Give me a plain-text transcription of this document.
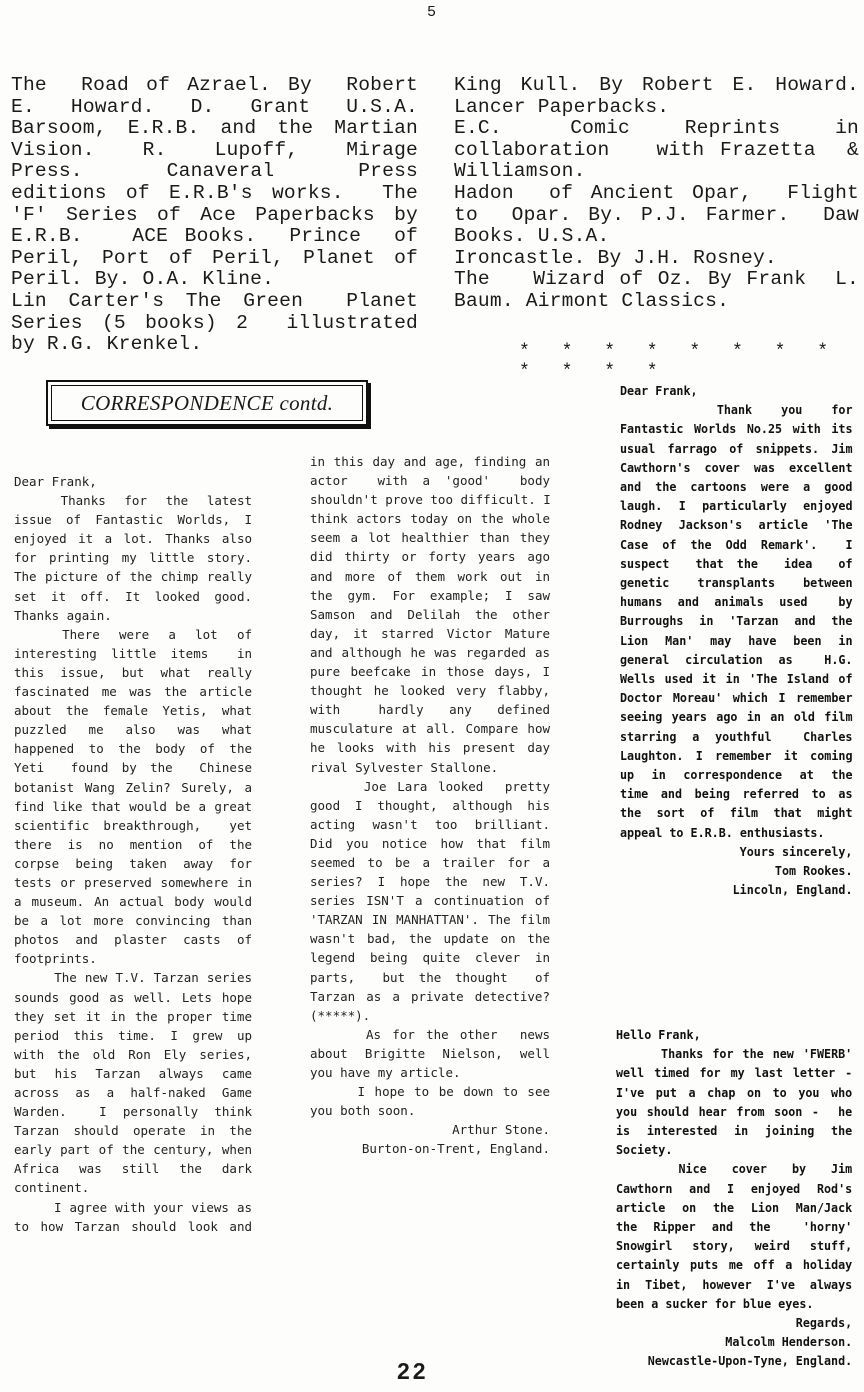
5
The  Road of Azrael. By  Robert
E.  Howard.  D.  Grant  U.S.A.
Barsoom, E.R.B. and the Martian
Vision.   R.   Lupoff,   Mirage
Press.     Canaveral     Press
editions of E.R.B's works.  The
'F' Series of Ace Paperbacks by
E.R.B.   ACE Books.  Prince  of
Peril, Port of Peril, Planet of
Peril. By. O.A. Kline.
Lin Carter's The Green  Planet
Series (5 books) 2  illustrated
by R.G. Krenkel.
King Kull. By Robert E. Howard.
Lancer Paperbacks.
E.C.     Comic    Reprints    in
collaboration   with Frazetta  &
Williamson.
Hadon  of Ancient Opar,  Flight
to  Opar. By. P.J. Farmer.  Daw
Books. U.S.A.
Ironcastle. By J.H. Rosney.
The   Wizard of Oz. By Frank  L.
Baum. Airmont Classics.
* * * * * * * * * * * *
CORRESPONDENCE contd.
Dear Frank,
Thanks  for  the  latest
issue of Fantastic Worlds, I
enjoyed it a lot. Thanks also
for printing my little story.
The picture of the chimp really
set it off. It looked good.
Thanks again.
There  were  a  lot  of
interesting little items  in
this issue, but what really
fascinated me was the article
about the female Yetis, what
puzzled me also was what
happened to the body of the
Yeti  found by the  Chinese
botanist Wang Zelin? Surely, a
find like that would be a great
scientific breakthrough,  yet
there is no mention of the
corpse being taken away for
tests or preserved somewhere in
a museum. An actual body would
be a lot more convincing than
photos and plaster casts of
footprints.
The new T.V. Tarzan series
sounds good as well. Lets hope
they set it in the proper time
period this time. I grew up
with the old Ron Ely series,
but his Tarzan always came
across as a half-naked Game
Warden.  I personally think
Tarzan should operate in the
early part of the century, when
Africa was still the dark
continent.
I agree with your views as
to how Tarzan should look and
in this day and age, finding an
actor  with a 'good'  body
shouldn't prove too difficult. I
think actors today on the whole
seem a lot healthier than they
did thirty or forty years ago
and more of them work out in
the gym. For example; I saw
Samson and Delilah the other
day, it starred Victor Mature
and although he was regarded as
pure beefcake in those days, I
thought he looked very flabby,
with   hardly  any  defined
musculature at all. Compare how
he looks with his present day
rival Sylvester Stallone.
Joe Lara looked  pretty
good I thought, although his
acting wasn't too brilliant.
Did you notice how that film
seemed to be a trailer for a
series? I hope the new T.V.
series ISN'T a continuation of
'TARZAN IN MANHATTAN'. The film
wasn't bad, the update on the
legend being quite clever in
parts,  but the thought  of
Tarzan as a private detective?
(*****).
As for the other  news
about Brigitte Nielson, well
you have my article.
I hope to be down to see
you both soon.
Arthur Stone.
Burton-on-Trent, England.
Dear Frank,
Thank   you   for
Fantastic Worlds No.25 with its
usual farrago of snippets. Jim
Cawthorn's cover was excellent
and the cartoons were a good
laugh. I particularly enjoyed
Rodney Jackson's article 'The
Case of the Odd Remark'.  I
suspect  that the  idea  of
genetic  transplants  between
humans and animals used  by
Burroughs in 'Tarzan and the
Lion Man' may have been in
general circulation as  H.G.
Wells used it in 'The Island of
Doctor Moreau' which I remember
seeing years ago in an old film
starring a youthful  Charles
Laughton. I remember it coming
up in correspondence at the
time and being referred to as
the sort of film that might
appeal to E.R.B. enthusiasts.
Yours sincerely,
Tom Rookes.
Lincoln, England.
Hello Frank,
Thanks for the new 'FWERB'
well timed for my last letter -
I've put a chap on to you who
you should hear from soon -  he
is interested in joining the
Society.
Nice  cover  by  Jim
Cawthorn and I enjoyed Rod's
article on the Lion Man/Jack
the Ripper and the  'horny'
Snowgirl story, weird stuff,
certainly puts me off a holiday
in Tibet, however I've always
been a sucker for blue eyes.
Regards,
Malcolm Henderson.
Newcastle-Upon-Tyne, England.
22
